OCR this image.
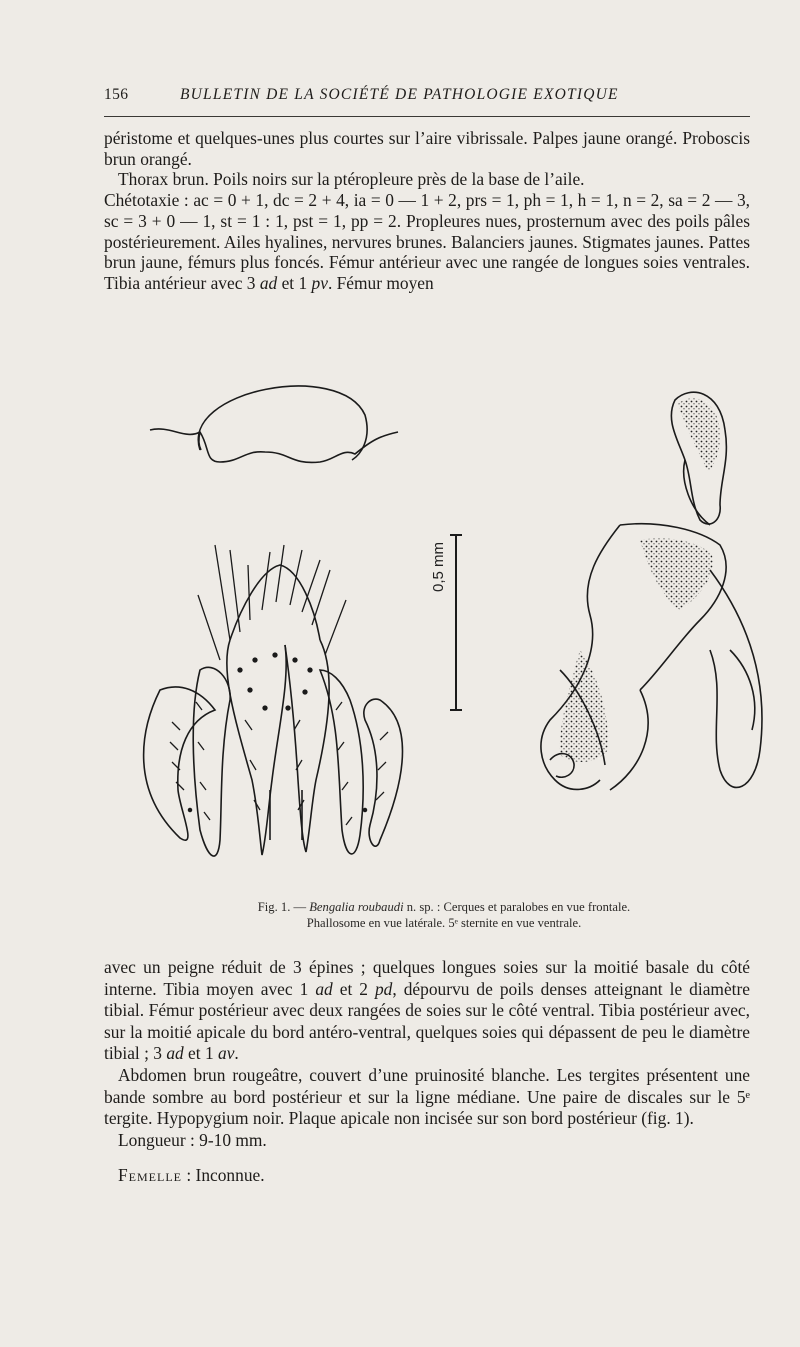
156	BULLETIN DE LA SOCIÉTÉ DE PATHOLOGIE EXOTIQUE

péristome et quelques-unes plus courtes sur l’aire vibrissale. Palpes jaune orangé. Proboscis brun orangé.

Thorax brun. Poils noirs sur la ptéropleure près de la base de l’aile.

Chétotaxie : ac = 0 + 1, dc = 2 + 4, ia = 0 — 1 + 2, prs = 1, ph = 1, h = 1, n = 2, sa = 2 — 3, sc = 3 + 0 — 1, st = 1 : 1, pst = 1, pp = 2. Propleures nues, prosternum avec des poils pâles postérieurement. Ailes hyalines, nervures brunes. Balanciers jaunes. Stigmates jaunes. Pattes brun jaune, fémurs plus foncés. Fémur antérieur avec une rangée de longues soies ventrales. Tibia antérieur avec 3 ad et 1 pv. Fémur moyen

0,5 mm
Fig. 1. — Bengalia roubaudi n. sp. : Cerques et paralobes en vue frontale.
Phallosome en vue latérale. 5ᵉ sternite en vue ventrale.

avec un peigne réduit de 3 épines ; quelques longues soies sur la moitié basale du côté interne. Tibia moyen avec 1 ad et 2 pd, dépourvu de poils denses atteignant le diamètre tibial. Fémur postérieur avec deux rangées de soies sur le côté ventral. Tibia postérieur avec, sur la moitié apicale du bord antéro-ventral, quelques soies qui dépassent de peu le diamètre tibial ; 3 ad et 1 av.

Abdomen brun rougeâtre, couvert d’une pruinosité blanche. Les tergites présentent une bande sombre au bord postérieur et sur la ligne médiane. Une paire de discales sur le 5ᵉ tergite. Hypopygium noir. Plaque apicale non incisée sur son bord postérieur (fig. 1).

Longueur : 9-10 mm.

Femelle : Inconnue.
